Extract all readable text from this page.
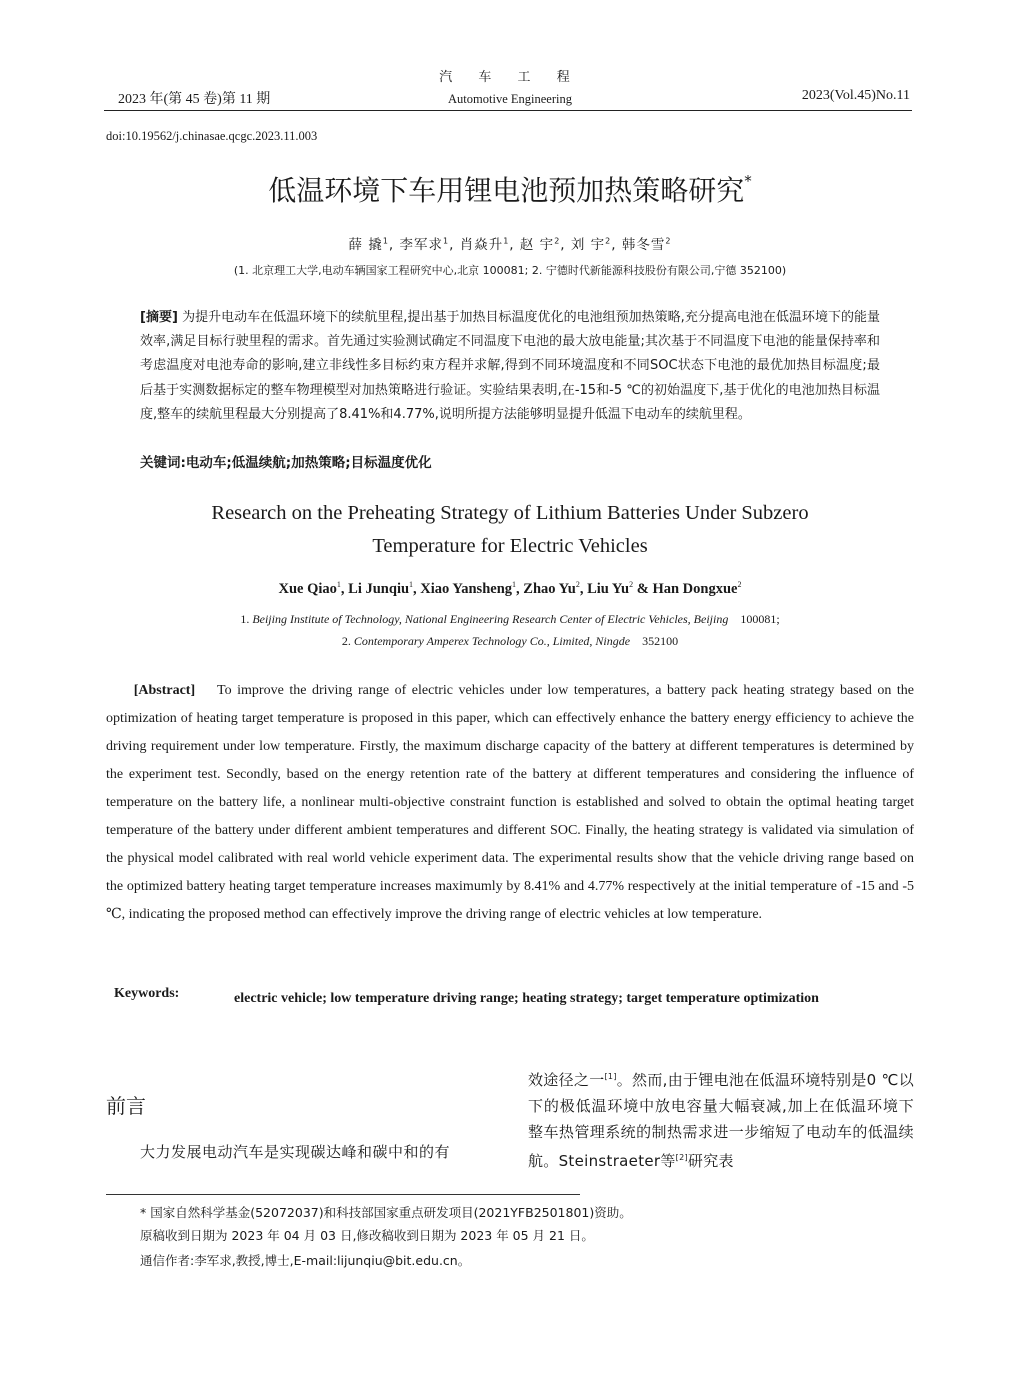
汽 车 工 程
2023 年(第 45 卷)第 11 期	Automotive Engineering	2023(Vol.45)No.11
doi:10.19562/j.chinasae.qcgc.2023.11.003
低温环境下车用锂电池预加热策略研究*
薛 撬$^1$, 李军求$^1$, 肖焱升$^1$, 赵 宇$^2$, 刘 宇$^2$, 韩冬雪$^2$
(1. 北京理工大学,电动车辆国家工程研究中心,北京 100081; 2. 宁德时代新能源科技股份有限公司,宁德 352100)
[摘要] 为提升电动车在低温环境下的续航里程,提出基于加热目标温度优化的电池组预加热策略,充分提高电池在低温环境下的能量效率,满足目标行驶里程的需求。首先通过实验测试确定不同温度下电池的最大放电能量;其次基于不同温度下电池的能量保持率和考虑温度对电池寿命的影响,建立非线性多目标约束方程并求解,得到不同环境温度和不同SOC状态下电池的最优加热目标温度;最后基于实测数据标定的整车物理模型对加热策略进行验证。实验结果表明,在-15和-5 ℃的初始温度下,基于优化的电池加热目标温度,整车的续航里程最大分别提高了8.41%和4.77%,说明所提方法能够明显提升低温下电动车的续航里程。
关键词:电动车;低温续航;加热策略;目标温度优化
Research on the Preheating Strategy of Lithium Batteries Under Subzero
Temperature for Electric Vehicles
Xue Qiao$^1$, Li Junqiu$^1$, Xiao Yansheng$^1$, Zhao Yu$^2$, Liu Yu$^2$ & Han Dongxue$^2$
1. Beijing Institute of Technology, National Engineering Research Center of Electric Vehicles, Beijing 100081;
2. Contemporary Amperex Technology Co., Limited, Ningde 352100
[Abstract] To improve the driving range of electric vehicles under low temperatures, a battery pack heating strategy based on the optimization of heating target temperature is proposed in this paper, which can effectively enhance the battery energy efficiency to achieve the driving requirement under low temperature. Firstly, the maximum discharge capacity of the battery at different temperatures is determined by the experiment test. Secondly, based on the energy retention rate of the battery at different temperatures and considering the influence of temperature on the battery life, a nonlinear multi-objective constraint function is established and solved to obtain the optimal heating target temperature of the battery under different ambient temperatures and different SOC. Finally, the heating strategy is validated via simulation of the physical model calibrated with real world vehicle experiment data. The experimental results show that the vehicle driving range based on the optimized battery heating target temperature increases maximumly by 8.41% and 4.77% respectively at the initial temperature of -15 and -5 ℃, indicating the proposed method can effectively improve the driving range of electric vehicles at low temperature.
Keywords:	electric vehicle; low temperature driving range; heating strategy; target temperature optimization
前言
大力发展电动汽车是实现碳达峰和碳中和的有
效途径之一[1]。然而,由于锂电池在低温环境特别是0 ℃以下的极低温环境中放电容量大幅衰减,加上在低温环境下整车热管理系统的制热需求进一步缩短了电动车的低温续航。Steinstraeter等[2]研究表
* 国家自然科学基金(52072037)和科技部国家重点研发项目(2021YFB2501801)资助。
原稿收到日期为 2023 年 04 月 03 日,修改稿收到日期为 2023 年 05 月 21 日。
通信作者:李军求,教授,博士,E-mail:lijunqiu@bit.edu.cn。
